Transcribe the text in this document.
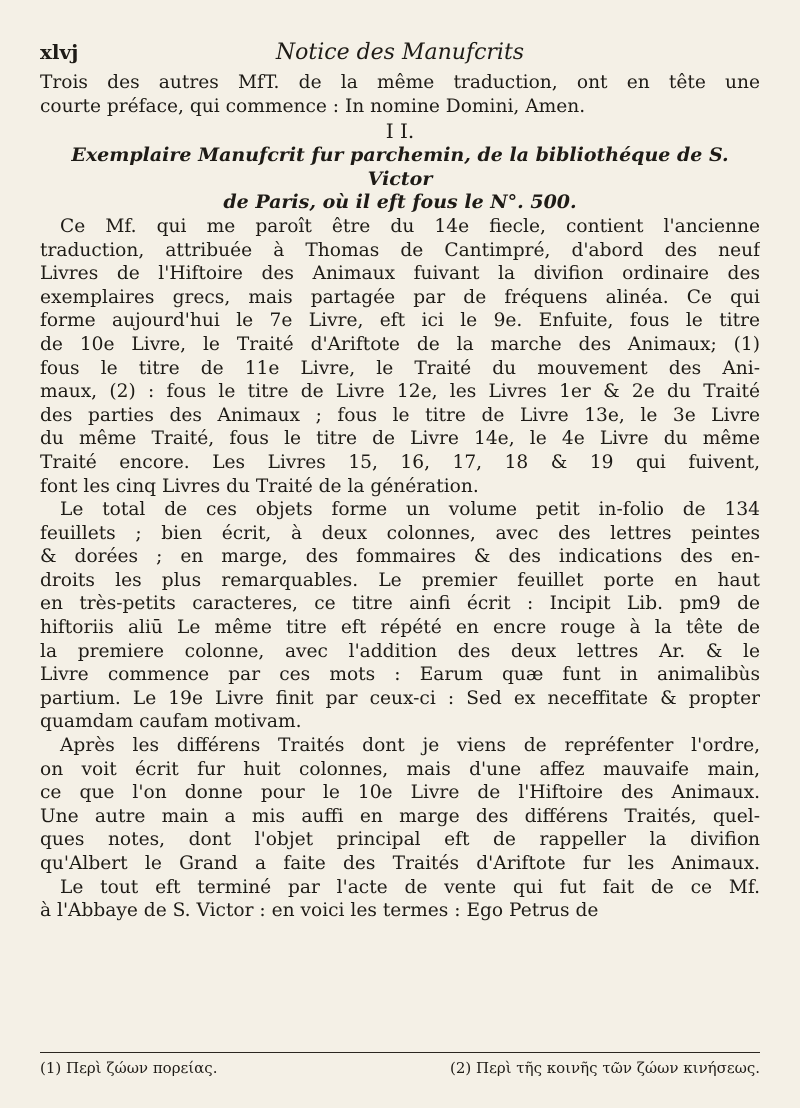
xlvj	Notice des Manufcrits
Trois des autres MfT. de la même traduction, ont en tête une
courte préface, qui commence : In nomine Domini, Amen.
I I.
Exemplaire Manufcrit fur parchemin, de la bibliothéque de S. Victor
de Paris, où il eft fous le N°. 500.
Ce Mf. qui me paroît être du 14e fiecle, contient l'ancienne
traduction, attribuée à Thomas de Cantimpré, d'abord des neuf
Livres de l'Hiftoire des Animaux fuivant la divifion ordinaire des
exemplaires grecs, mais partagée par de fréquens alinéa. Ce qui
forme aujourd'hui le 7e Livre, eft ici le 9e. Enfuite, fous le titre
de 10e Livre, le Traité d'Ariftote de la marche des Animaux; (1)
fous le titre de 11e Livre, le Traité du mouvement des Ani-
maux, (2) : fous le titre de Livre 12e, les Livres 1er & 2e du Traité
des parties des Animaux ; fous le titre de Livre 13e, le 3e Livre
du même Traité, fous le titre de Livre 14e, le 4e Livre du même
Traité encore. Les Livres 15, 16, 17, 18 & 19 qui fuivent,
font les cinq Livres du Traité de la génération.
Le total de ces objets forme un volume petit in-folio de 134
feuillets ; bien écrit, à deux colonnes, avec des lettres peintes
& dorées ; en marge, des fommaires & des indications des en-
droits les plus remarquables. Le premier feuillet porte en haut
en très-petits caracteres, ce titre ainfi écrit : Incipit Lib. pm9 de
hiftoriis aliū Le même titre eft répété en encre rouge à la tête de
la premiere colonne, avec l'addition des deux lettres Ar. & le
Livre commence par ces mots : Earum quæ funt in animalibùs
partium. Le 19e Livre finit par ceux-ci : Sed ex neceffitate & propter
quamdam caufam motivam.
Après les différens Traités dont je viens de repréfenter l'ordre,
on voit écrit fur huit colonnes, mais d'une affez mauvaife main,
ce que l'on donne pour le 10e Livre de l'Hiftoire des Animaux.
Une autre main a mis auffi en marge des différens Traités, quel-
ques notes, dont l'objet principal eft de rappeller la divifion
qu'Albert le Grand a faite des Traités d'Ariftote fur les Animaux.
Le tout eft terminé par l'acte de vente qui fut fait de ce Mf.
à l'Abbaye de S. Victor : en voici les termes : Ego Petrus de
(1) Περὶ ζώων πορείας.	(2) Περὶ τῆς κοινῆς τῶν ζώων κινήσεως.
